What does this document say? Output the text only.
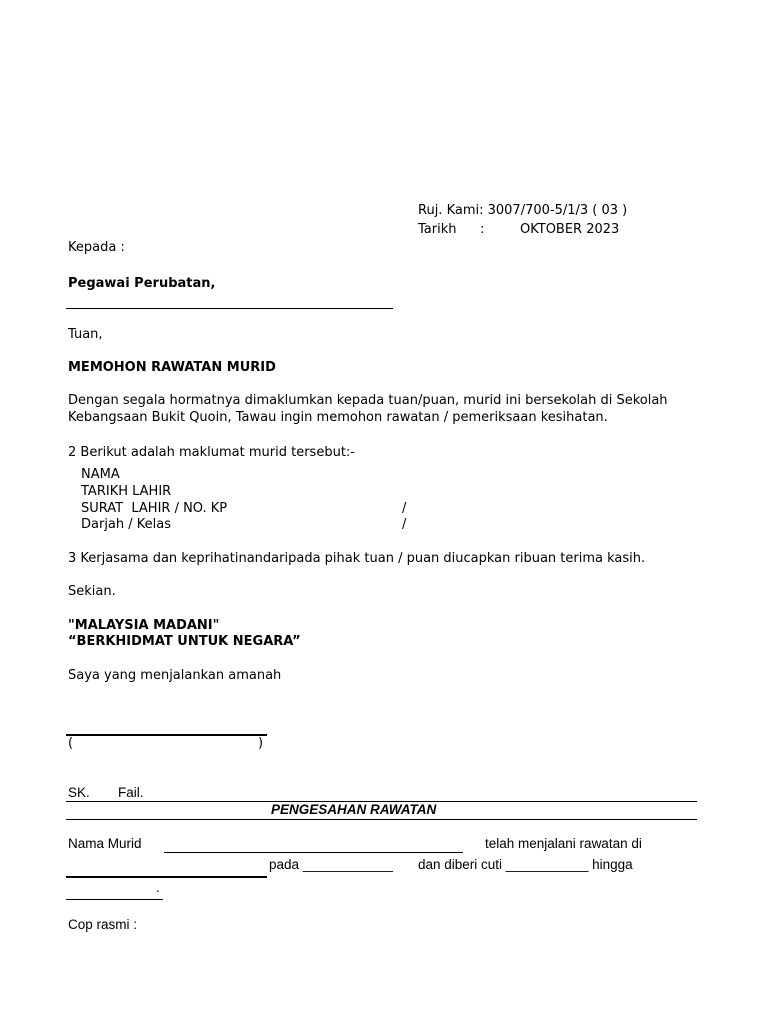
Ruj. Kami: 3007/700-5/1/3 ( 03 )
Tarikh :	OKTOBER 2023
Kepada :
Pegawai Perubatan,
Tuan,
MEMOHON RAWATAN MURID
Dengan segala hormatnya dimaklumkan kepada tuan/puan, murid ini bersekolah di Sekolah
Kebangsaan Bukit Quoin, Tawau ingin memohon rawatan / pemeriksaan kesihatan.
2 Berikut adalah maklumat murid tersebut:-
NAMA
TARIKH LAHIR
SURAT  LAHIR / NO. KP	/
Darjah / Kelas	/
3 Kerjasama dan keprihatinandaripada pihak tuan / puan diucapkan ribuan terima kasih.
Sekian.
"MALAYSIA MADANI"
“BERKHIDMAT UNTUK NEGARA”
Saya yang menjalankan amanah
(	)
SK. Fail.
PENGESAHAN RAWATAN
Nama Murid	telah menjalani rawatan di
pada ____________ dan diberi cuti ___________ hingga
.
Cop rasmi :
